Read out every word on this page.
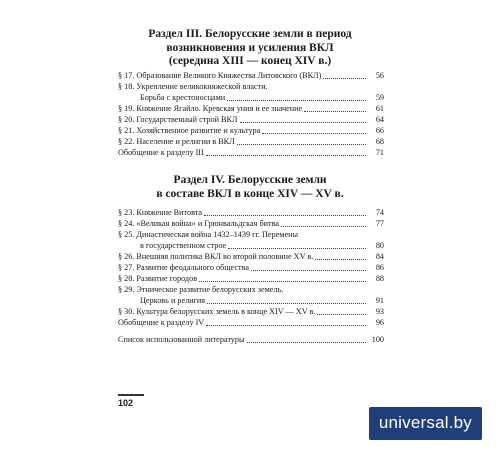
Раздел III. Белорусские земли в период
возникновения и усиления ВКЛ
(середина XIII — конец XIV в.)
§ 17. Образование Великого Княжества Литовского (ВКЛ)	56
§ 18. Укрепление великокняжеской власти.
Борьба с крестоносцами	59
§ 19. Княжение Ягайло. Кревская уния и ее значение	61
§ 20. Государственный строй ВКЛ	64
§ 21. Хозяйственное развитие и культура	66
§ 22. Население и религии в ВКЛ	68
Обобщение к разделу III	71
Раздел IV. Белорусские земли
в составе ВКЛ в конце XIV — XV в.
§ 23. Княжение Витовта	74
§ 24. «Великая война» и Грюнвальдская битва	77
§ 25. Династическая война 1432–1439 гг. Перемены
в государственном строе	80
§ 26. Внешняя политика ВКЛ во второй половине XV в.	84
§ 27. Развитие феодального общества	86
§ 28. Развитие городов	88
§ 29. Этническое развитие белорусских земель.
Церковь и религия	91
§ 30. Культура белорусских земель в конце XIV — XV в.	93
Обобщение к разделу IV	96
Список использованной литературы	100
102
universal.by
